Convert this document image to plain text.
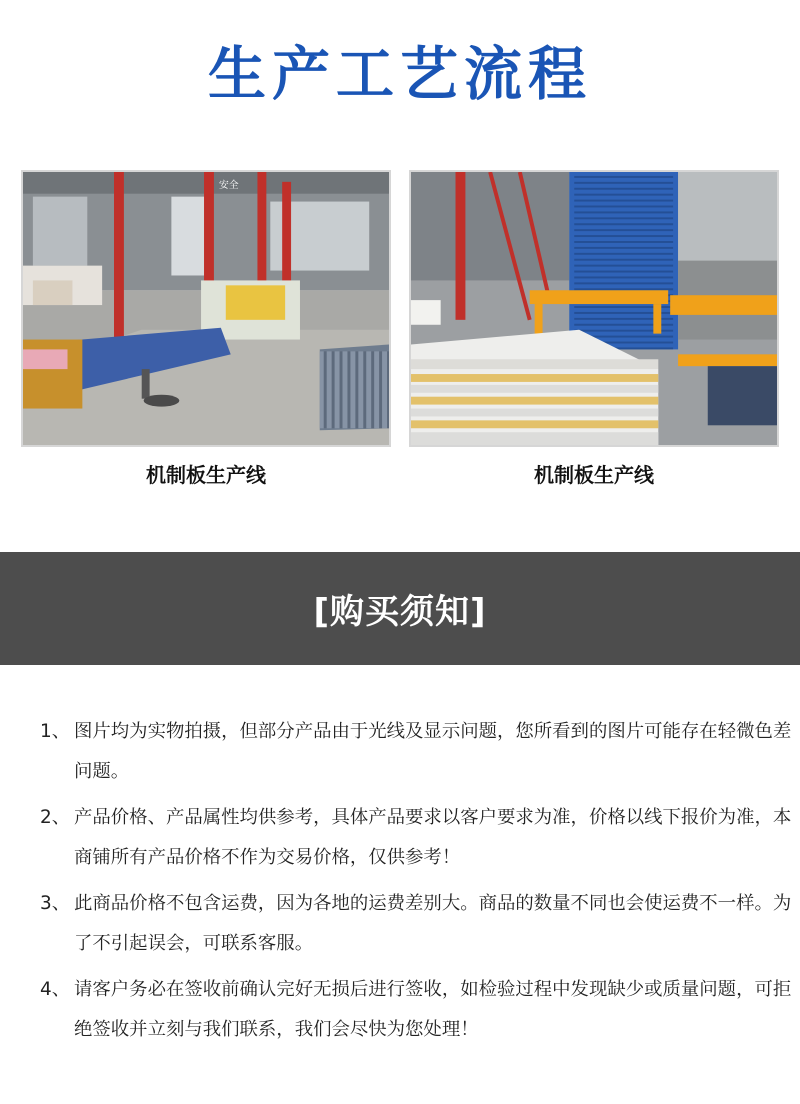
生产工艺流程
安全
机制板生产线	机制板生产线
[购买须知]
1、 图片均为实物拍摄，但部分产品由于光线及显示问题，您所看到的图片可能存在轻微色差问题。
2、 产品价格、产品属性均供参考，具体产品要求以客户要求为准，价格以线下报价为准，本商铺所有产品价格不作为交易价格，仅供参考！
3、 此商品价格不包含运费，因为各地的运费差别大。商品的数量不同也会使运费不一样。为了不引起误会，可联系客服。
4、 请客户务必在签收前确认完好无损后进行签收，如检验过程中发现缺少或质量问题，可拒绝签收并立刻与我们联系，我们会尽快为您处理！
